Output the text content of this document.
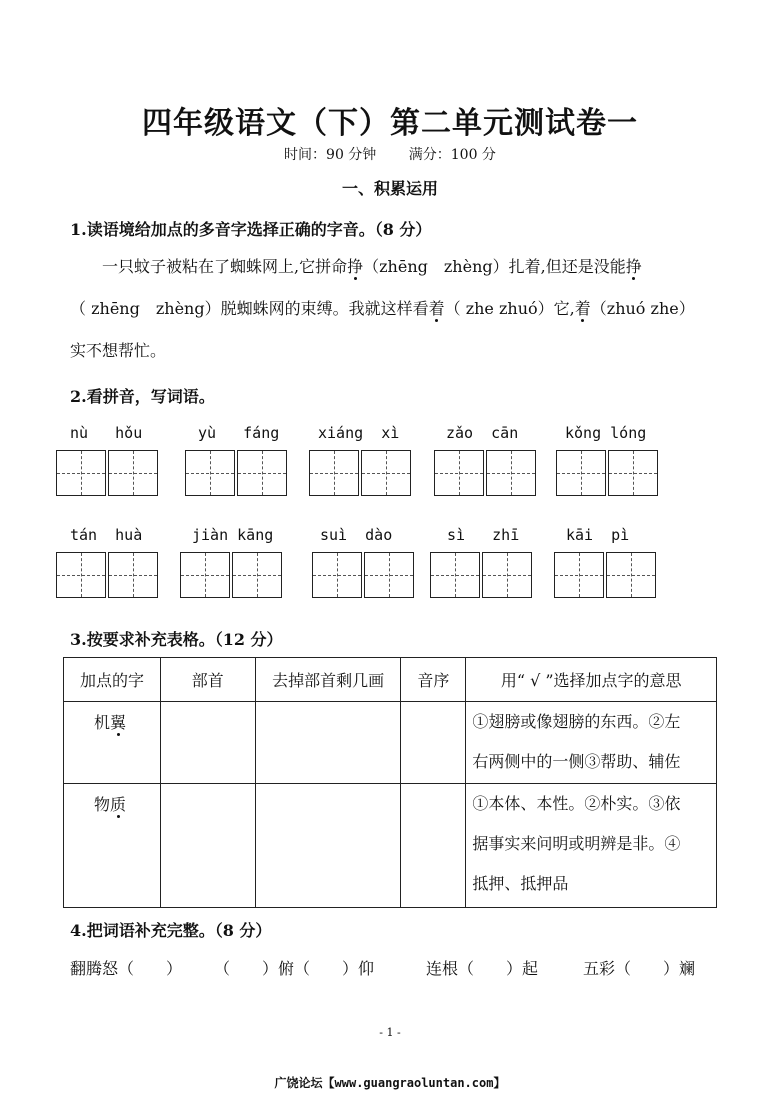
四年级语文（下）第二单元测试卷一
时间：90 分钟 满分：100 分
一、积累运用
1.读语境给加点的多音字选择正确的字音。（8 分）
一只蚊子被粘在了蜘蛛网上,它拼命挣（zhēng　zhèng）扎着,但还是没能挣
（ zhēng　zhèng）脱蜘蛛网的束缚。我就这样看着（ zhe zhuó）它,着（zhuó zhe）
实不想帮忙。
2.看拼音，写词语。
nù hǒu	yù fáng	xiáng xì	zǎo cān	kǒng lóng
tán huà	jiàn kāng	suì dào	sì zhī	kāi pì
3.按要求补充表格。（12 分）
加点的字	部首	去掉部首剩几画	音序	用“ √ ”选择加点字的意思
机翼				①翅膀或像翅膀的东西。②左
右两侧中的一侧③帮助、辅佐

物质				①本体、本性。②朴实。③依
据事实来问明或明辨是非。④
抵押、抵押品
4.把词语补充完整。（8 分）
翻腾怒（　　） （　　）俯（　　）仰	连根（　　）起	五彩（　　）斓
- 1 -
广饶论坛【www.guangraoluntan.com】
